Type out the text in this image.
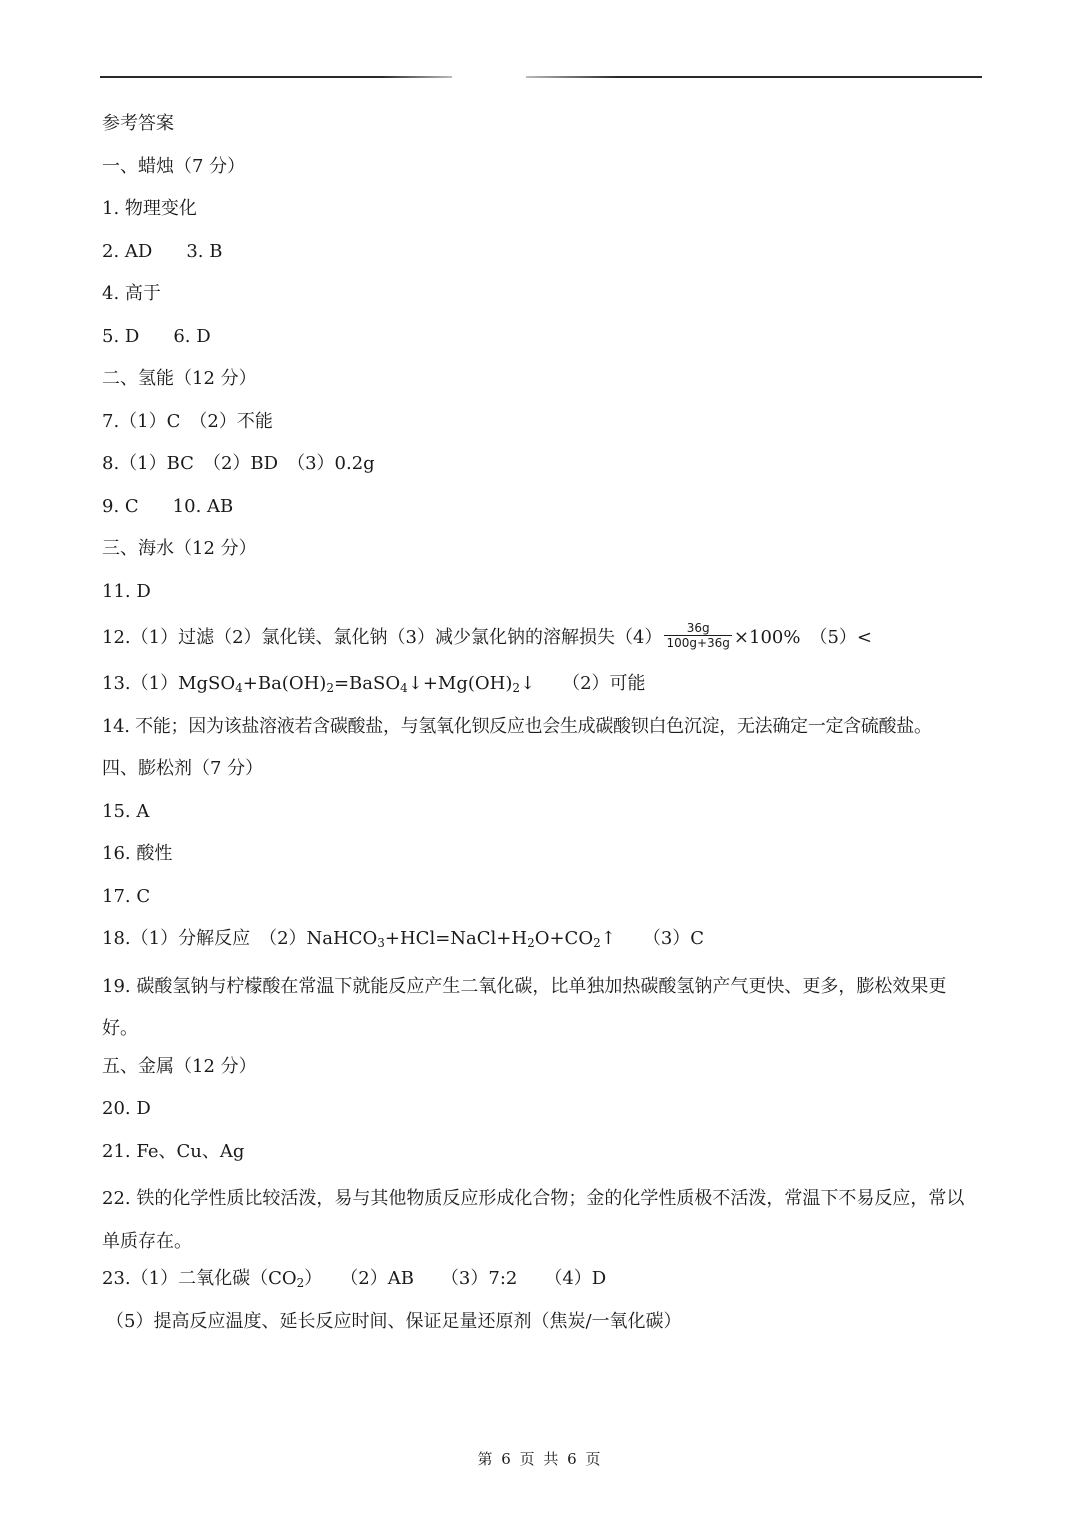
参考答案
一、蜡烛（7 分）
1. 物理变化
2. AD 3. B
4. 高于
5. D 6. D
二、氢能（12 分）
7.（1）C　（2）不能
8.（1）BC　（2）BD　（3）0.2g
9. C 10. AB
三、海水（12 分）
11. D
12.（1）过滤（2）氯化镁、氯化钠（3）减少氯化钠的溶解损失$(4) \frac{36g}{100g+36g} \times 100\%$　（5）<
$13.(1)MgSO_4+Ba(OH)_2=BaSO_4↓+Mg(OH)_2↓$　　（2）可能
14. 不能；因为该盐溶液若含碳酸盐，与氢氧化钡反应也会生成碳酸钡白色沉淀，无法确定一定含硫酸盐。
四、膨松剂（7 分）
15. A
16. 酸性
17. C
18.（1）分解反应　$(2)NaHCO_3+HCl=NaCl+H_2O+CO_2↑$　　（3）C
19. 碳酸氢钠与柠檬酸在常温下就能反应产生二氧化碳，比单独加热碳酸氢钠产气更快、更多，膨松效果更好。
五、金属（12 分）
20. D
21. Fe、Cu、Ag
22. 铁的化学性质比较活泼，易与其他物质反应形成化合物；金的化学性质极不活泼，常温下不易反应，常以单质存在。
23.（1）二氧化碳$(CO_2)$　　（2）AB　　（3）7:2　　（4）D
（5）提高反应温度、延长反应时间、保证足量还原剂（焦炭/一氧化碳）
第 6 页 共 6 页
